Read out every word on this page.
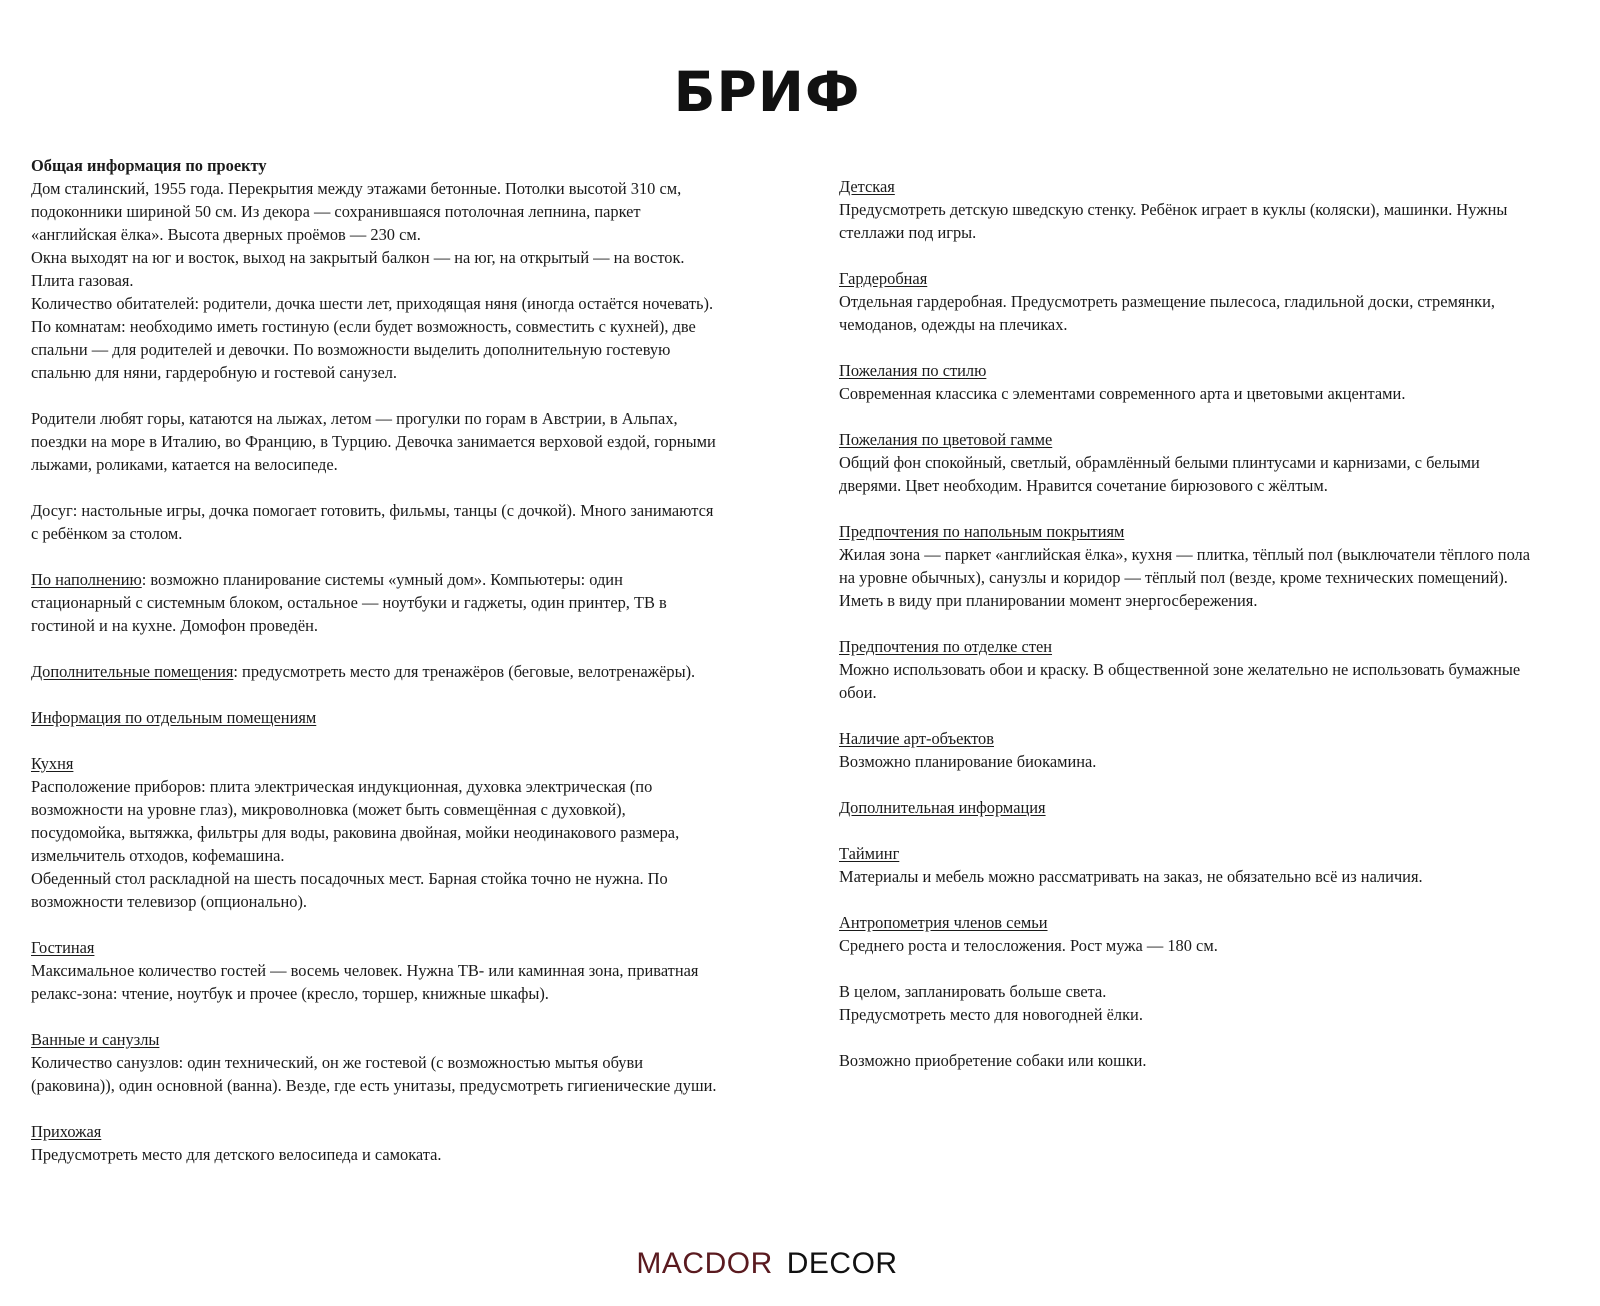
БРИФ
Общая информация по проекту
Дом сталинский, 1955 года. Перекрытия между этажами бетонные. Потолки высотой 310 см,
подоконники шириной 50 см. Из декора — сохранившаяся потолочная лепнина, паркет
«английская ёлка». Высота дверных проёмов — 230 см.
Окна выходят на юг и восток, выход на закрытый балкон — на юг, на открытый — на восток.
Плита газовая.
Количество обитателей: родители, дочка шести лет, приходящая няня (иногда остаётся ночевать).
По комнатам: необходимо иметь гостиную (если будет возможность, совместить с кухней), две
спальни — для родителей и девочки. По возможности выделить дополнительную гостевую
спальню для няни, гардеробную и гостевой санузел.
Родители любят горы, катаются на лыжах, летом — прогулки по горам в Австрии, в Альпах,
поездки на море в Италию, во Францию, в Турцию. Девочка занимается верховой ездой, горными
лыжами, роликами, катается на велосипеде.
Досуг: настольные игры, дочка помогает готовить, фильмы, танцы (с дочкой). Много занимаются
с ребёнком за столом.
По наполнению: возможно планирование системы «умный дом». Компьютеры: один
стационарный с системным блоком, остальное — ноутбуки и гаджеты, один принтер, ТВ в
гостиной и на кухне. Домофон проведён.
Дополнительные помещения: предусмотреть место для тренажёров (беговые, велотренажёры).
Информация по отдельным помещениям
Кухня
Расположение приборов: плита электрическая индукционная, духовка электрическая (по
возможности на уровне глаз), микроволновка (может быть совмещённая с духовкой),
посудомойка, вытяжка, фильтры для воды, раковина двойная, мойки неодинакового размера,
измельчитель отходов, кофемашина.
Обеденный стол раскладной на шесть посадочных мест. Барная стойка точно не нужна. По
возможности телевизор (опционально).
Гостиная
Максимальное количество гостей — восемь человек. Нужна ТВ- или каминная зона, приватная
релакс-зона: чтение, ноутбук и прочее (кресло, торшер, книжные шкафы).
Ванные и санузлы
Количество санузлов: один технический, он же гостевой (с возможностью мытья обуви
(раковина)), один основной (ванна). Везде, где есть унитазы, предусмотреть гигиенические души.
Прихожая
Предусмотреть место для детского велосипеда и самоката.
Детская
Предусмотреть детскую шведскую стенку. Ребёнок играет в куклы (коляски), машинки. Нужны
стеллажи под игры.
Гардеробная
Отдельная гардеробная. Предусмотреть размещение пылесоса, гладильной доски, стремянки,
чемоданов, одежды на плечиках.
Пожелания по стилю
Современная классика с элементами современного арта и цветовыми акцентами.
Пожелания по цветовой гамме
Общий фон спокойный, светлый, обрамлённый белыми плинтусами и карнизами, с белыми
дверями. Цвет необходим. Нравится сочетание бирюзового с жёлтым.
Предпочтения по напольным покрытиям
Жилая зона — паркет «английская ёлка», кухня — плитка, тёплый пол (выключатели тёплого пола
на уровне обычных), санузлы и коридор — тёплый пол (везде, кроме технических помещений).
Иметь в виду при планировании момент энергосбережения.
Предпочтения по отделке стен
Можно использовать обои и краску. В общественной зоне желательно не использовать бумажные
обои.
Наличие арт-объектов
Возможно планирование биокамина.
Дополнительная информация
Тайминг
Материалы и мебель можно рассматривать на заказ, не обязательно всё из наличия.
Антропометрия членов семьи
Среднего роста и телосложения. Рост мужа — 180 см.
В целом, запланировать больше света.
Предусмотреть место для новогодней ёлки.
Возможно приобретение собаки или кошки.
MACDOR DECOR
